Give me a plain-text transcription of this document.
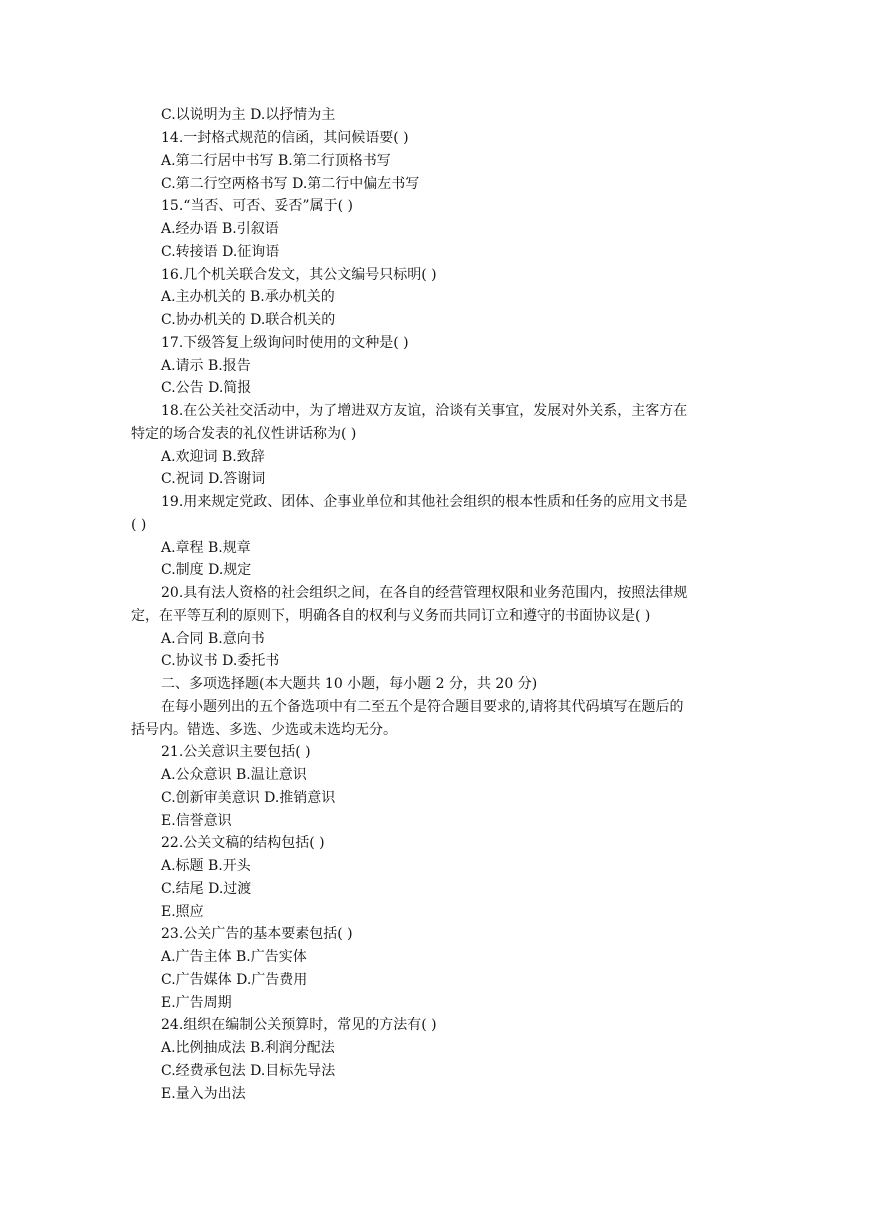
C.以说明为主 D.以抒情为主
14.一封格式规范的信函，其问候语要( )
A.第二行居中书写 B.第二行顶格书写
C.第二行空两格书写 D.第二行中偏左书写
15.“当否、可否、妥否”属于( )
A.经办语 B.引叙语
C.转接语 D.征询语
16.几个机关联合发文，其公文编号只标明( )
A.主办机关的 B.承办机关的
C.协办机关的 D.联合机关的
17.下级答复上级询问时使用的文种是( )
A.请示 B.报告
C.公告 D.简报
18.在公关社交活动中，为了增进双方友谊，洽谈有关事宜，发展对外关系，主客方在
特定的场合发表的礼仪性讲话称为( )
A.欢迎词 B.致辞
C.祝词 D.答谢词
19.用来规定党政、团体、企事业单位和其他社会组织的根本性质和任务的应用文书是
( )
A.章程 B.规章
C.制度 D.规定
20.具有法人资格的社会组织之间，在各自的经营管理权限和业务范围内，按照法律规
定，在平等互利的原则下，明确各自的权利与义务而共同订立和遵守的书面协议是( )
A.合同 B.意向书
C.协议书 D.委托书
二、多项选择题(本大题共 10 小题，每小题 2 分，共 20 分)
在每小题列出的五个备选项中有二至五个是符合题目要求的,请将其代码填写在题后的
括号内。错选、多选、少选或未选均无分。
21.公关意识主要包括( )
A.公众意识 B.温让意识
C.创新审美意识 D.推销意识
E.信誉意识
22.公关文稿的结构包括( )
A.标题 B.开头
C.结尾 D.过渡
E.照应
23.公关广告的基本要素包括( )
A.广告主体 B.广告实体
C.广告媒体 D.广告费用
E.广告周期
24.组织在编制公关预算时，常见的方法有( )
A.比例抽成法 B.利润分配法
C.经费承包法 D.目标先导法
E.量入为出法
